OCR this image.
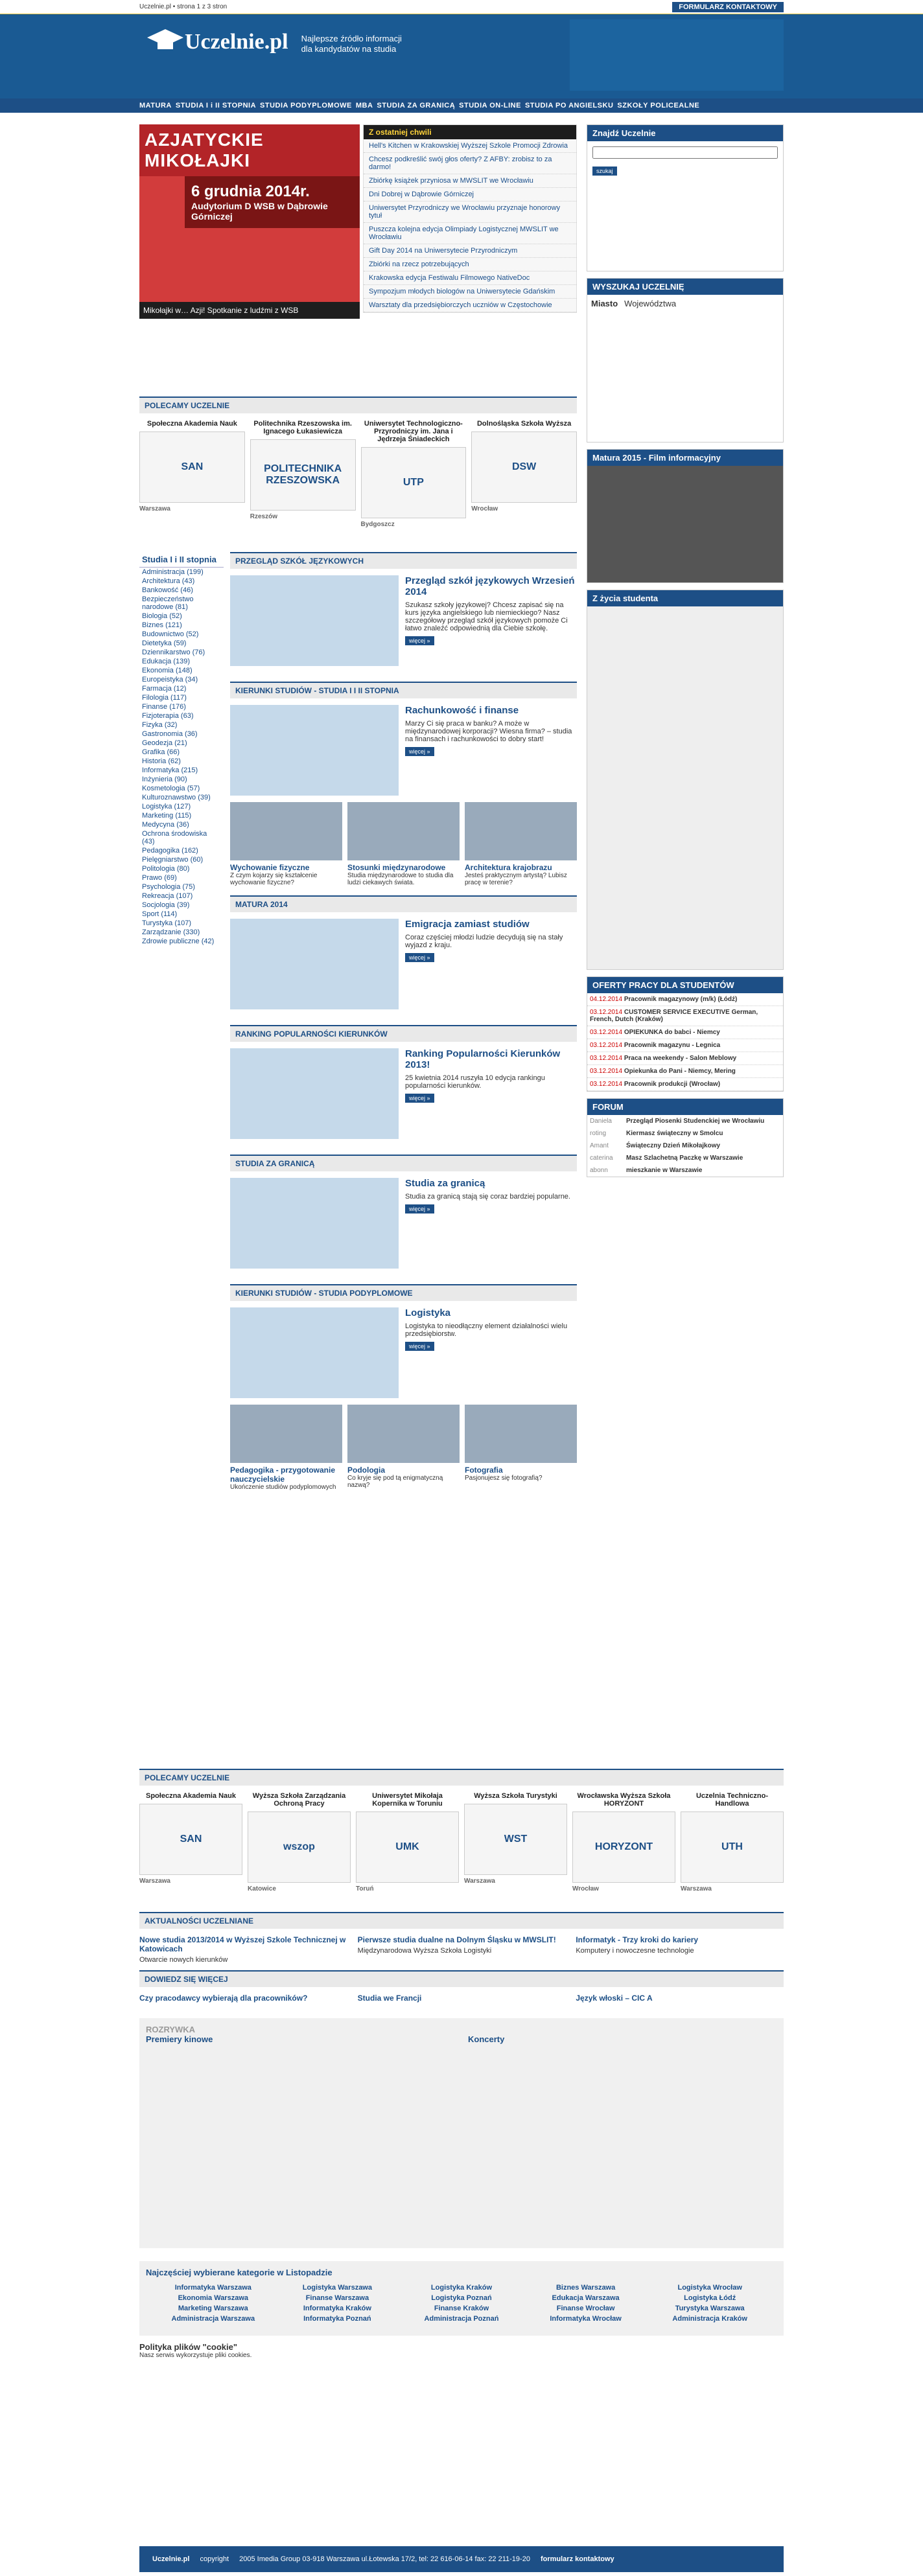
Uczelnie.pl • strona 1 z 3 stron	FORMULARZ KONTAKTOWY
Uczelnie.pl Najlepsze źródło informacji
dla kandydatów na studia
MATURA STUDIA I i II STOPNIA STUDIA PODYPLOMOWE MBA STUDIA ZA GRANICĄ STUDIA ON-LINE STUDIA PO ANGIELSKU SZKOŁY POLICEALNE
AZJATYCKIE MIKOŁAJKI
6 grudnia 2014r.
Audytorium D WSB w Dąbrowie Górniczej
Mikołajki w… Azji! Spotkanie z ludźmi z WSB
Z ostatniej chwili
Hell's Kitchen w Krakowskiej Wyższej Szkole Promocji Zdrowia
Chcesz podkreślić swój głos oferty? Z AFBY: zrobisz to za darmo!
Zbiórkę książek przyniosa w MWSLIT we Wrocławiu
Dni Dobrej w Dąbrowie Górniczej
Uniwersytet Przyrodniczy we Wrocławiu przyznaje honorowy tytuł
Puszcza kolejna edycja Olimpiady Logistycznej MWSLIT we Wrocławiu
Gift Day 2014 na Uniwersytecie Przyrodniczym
Zbiórki na rzecz potrzebujących
Krakowska edycja Festiwalu Filmowego NativeDoc
Sympozjum młodych biologów na Uniwersytecie Gdańskim
Warsztaty dla przedsiębiorczych uczniów w Częstochowie
POLECAMY UCZELNIE
Społeczna Akademia Nauk
SAN
Warszawa
Politechnika Rzeszowska im. Ignacego Łukasiewicza
POLITECHNIKA RZESZOWSKA
Rzeszów
Uniwersytet Technologiczno-Przyrodniczy im. Jana i Jędrzeja Śniadeckich
UTP
Bydgoszcz
Dolnośląska Szkoła Wyższa
DSW
Wrocław
Studia I i II stopnia
Administracja (199)
Architektura (43)
Bankowość (46)
Bezpieczeństwo narodowe (81)
Biologia (52)
Biznes (121)
Budownictwo (52)
Dietetyka (59)
Dziennikarstwo (76)
Edukacja (139)
Ekonomia (148)
Europeistyka (34)
Farmacja (12)
Filologia (117)
Finanse (176)
Fizjoterapia (63)
Fizyka (32)
Gastronomia (36)
Geodezja (21)
Grafika (66)
Historia (62)
Informatyka (215)
Inżynieria (90)
Kosmetologia (57)
Kulturoznawstwo (39)
Logistyka (127)
Marketing (115)
Medycyna (36)
Ochrona środowiska (43)
Pedagogika (162)
Pielęgniarstwo (60)
Politologia (80)
Prawo (69)
Psychologia (75)
Rekreacja (107)
Socjologia (39)
Sport (114)
Turystyka (107)
Zarządzanie (330)
Zdrowie publiczne (42)
PRZEGLĄD SZKÓŁ JĘZYKOWYCH
Przegląd szkół językowych Wrzesień 2014

Szukasz szkoły językowej? Chcesz zapisać się na kurs języka angielskiego lub niemieckiego? Nasz szczegółowy przegląd szkół językowych pomoże Ci łatwo znaleźć odpowiednią dla Ciebie szkołę.

więcej »
KIERUNKI STUDIÓW - STUDIA I I II STOPNIA
Rachunkowość i finanse

Marzy Ci się praca w banku? A może w międzynarodowej korporacji? Wiesna firma? – studia na finansach i rachunkowości to dobry start!

więcej »
Wychowanie fizyczne

Z czym kojarzy się kształcenie wychowanie fizyczne?

Stosunki międzynarodowe

Studia międzynarodowe to studia dla ludzi ciekawych świata.

Architektura krajobrazu

Jesteś praktycznym artystą? Lubisz pracę w terenie?

MATURA 2014
Emigracja zamiast studiów

Coraz częściej młodzi ludzie decydują się na stały wyjazd z kraju.

więcej »
RANKING POPULARNOŚCI KIERUNKÓW
Ranking Popularności Kierunków 2013!

25 kwietnia 2014 ruszyła 10 edycja rankingu popularności kierunków.

więcej »
STUDIA ZA GRANICĄ
Studia za granicą

Studia za granicą stają się coraz bardziej popularne.

więcej »
KIERUNKI STUDIÓW - STUDIA PODYPLOMOWE
Logistyka

Logistyka to nieodłączny element działalności wielu przedsiębiorstw.

więcej »
Pedagogika - przygotowanie nauczycielskie

Ukończenie studiów podyplomowych

Podologia

Co kryje się pod tą enigmatyczną nazwą?

Fotografia

Pasjonujesz się fotografią?

Znajdź Uczelnie
szukaj
WYSZUKAJ UCZELNIĘ
Miasto Województwa
Matura 2015 - Film informacyjny
Z życia studenta
OFERTY PRACY DLA STUDENTÓW
04.12.2014 Pracownik magazynowy (m/k) (Łódź)
03.12.2014 CUSTOMER SERVICE EXECUTIVE German, French, Dutch (Kraków)
03.12.2014 OPIEKUNKA do babci - Niemcy
03.12.2014 Pracownik magazynu - Legnica
03.12.2014 Praca na weekendy - Salon Meblowy
03.12.2014 Opiekunka do Pani - Niemcy, Mering
03.12.2014 Pracownik produkcji (Wrocław)
FORUM
Daniela	Przegląd Piosenki Studenckiej we Wrocławiu
roting	Kiermasz świąteczny w Smolcu
Amant	Świąteczny Dzień Mikołajkowy
caterina	Masz Szlachetną Paczkę w Warszawie
abonn	mieszkanie w Warszawie
POLECAMY UCZELNIE
Społeczna Akademia Nauk
SAN
Warszawa
Wyższa Szkoła Zarządzania Ochroną Pracy
wszop
Katowice
Uniwersytet Mikołaja Kopernika w Toruniu
UMK
Toruń
Wyższa Szkoła Turystyki
WST
Warszawa
Wrocławska Wyższa Szkoła HORYZONT
HORYZONT
Wrocław
Uczelnia Techniczno-Handlowa
UTH
Warszawa
AKTUALNOŚCI UCZELNIANE
Nowe studia 2013/2014 w Wyższej Szkole Technicznej w Katowicach

Otwarcie nowych kierunków

Pierwsze studia dualne na Dolnym Śląsku w MWSLIT!

Międzynarodowa Wyższa Szkoła Logistyki

Informatyk - Trzy kroki do kariery

Komputery i nowoczesne technologie

DOWIEDZ SIĘ WIĘCEJ
Czy pracodawcy wybierają dla pracowników?	Studia we Francji	Język włoski – CIC A
ROZRYWKA
Premiery kinowe	Koncerty
Najczęściej wybierane kategorie w Listopadzie
Informatyka Warszawa	Logistyka Warszawa	Logistyka Kraków	Biznes Warszawa	Logistyka Wrocław
Ekonomia Warszawa	Finanse Warszawa	Logistyka Poznań	Edukacja Warszawa	Logistyka Łódź
Marketing Warszawa	Informatyka Kraków	Finanse Kraków	Finanse Wrocław	Turystyka Warszawa
Administracja Warszawa	Informatyka Poznań	Administracja Poznań	Informatyka Wrocław	Administracja Kraków
Polityka plików "cookie"

Nasz serwis wykorzystuje pliki cookies.

Uczelnie.pl copyright 2005 Imedia Group 03-918 Warszawa ul.Łotewska 17/2, tel: 22 616-06-14 fax: 22 211-19-20 formularz kontaktowy
